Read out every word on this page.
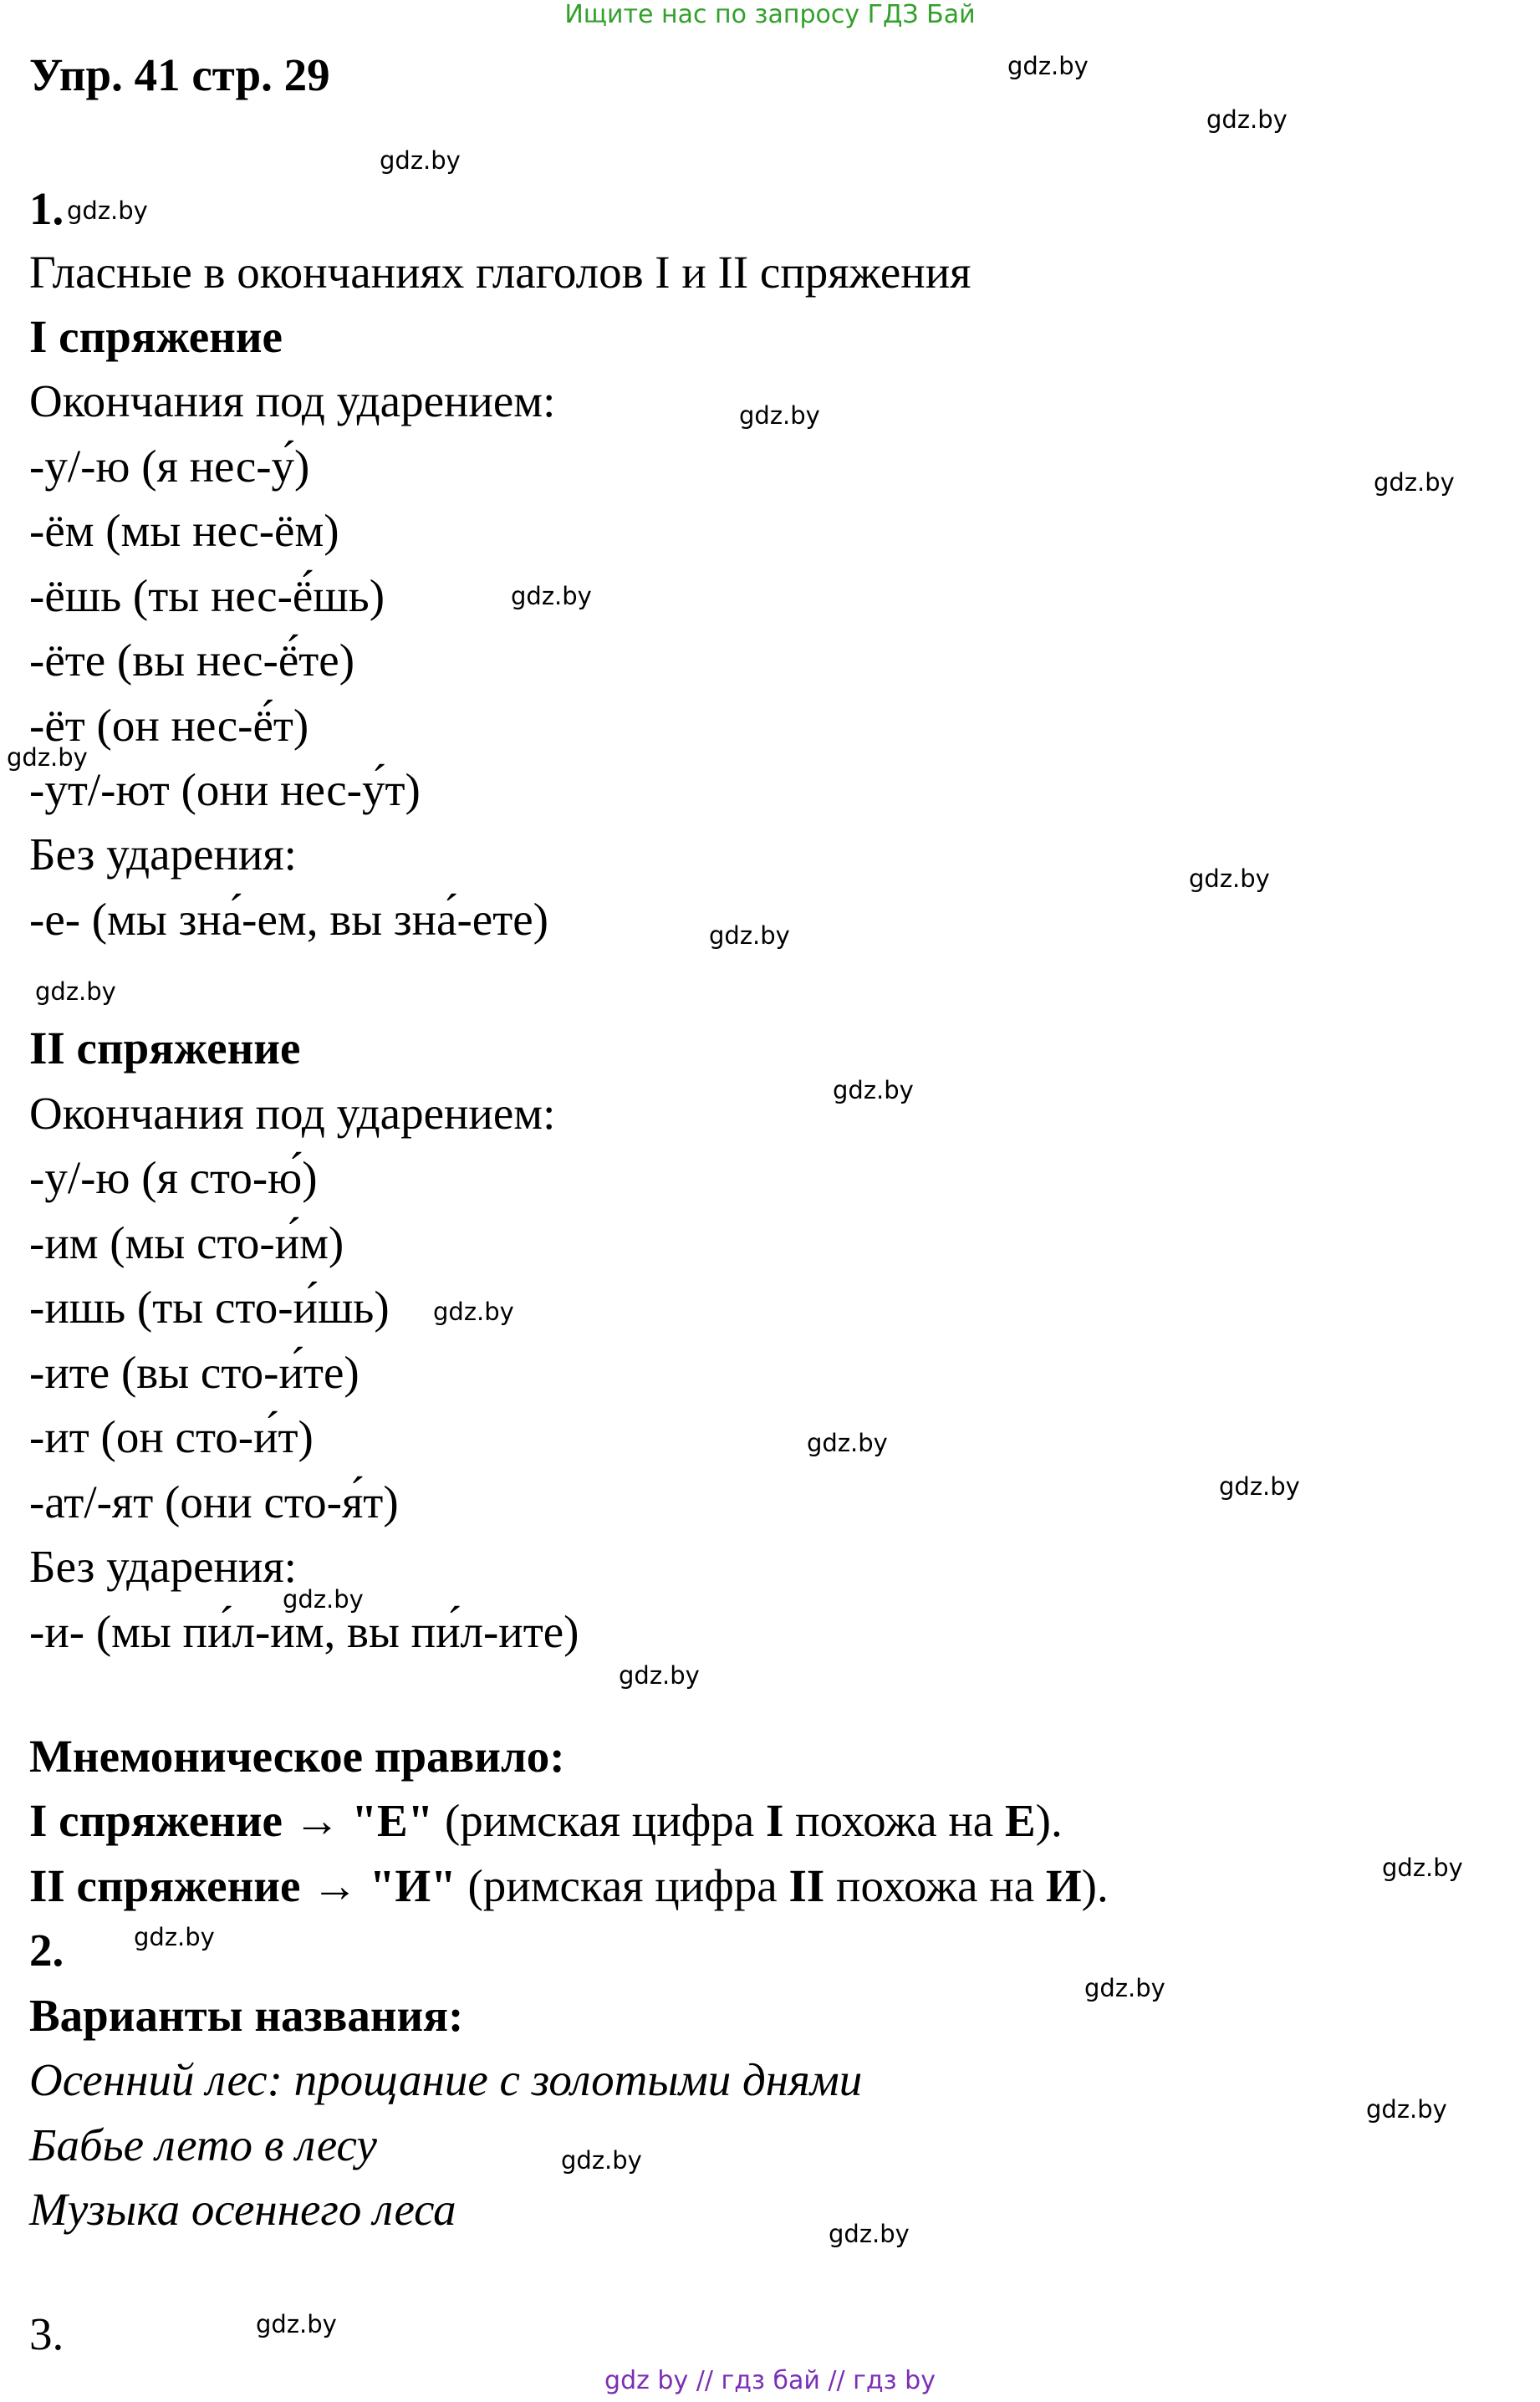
Ищите нас по запросу ГДЗ Бай

Упр. 41 стр. 29

1.

Гласные в окончаниях глаголов I и II спряжения

I спряжение

Окончания под ударением:

-у/-ю (я нес-у́)

-ём (мы нес-ём)

-ёшь (ты нес-ё́шь)

-ёте (вы нес-ё́те)

-ёт (он нес-ё́т)

-ут/-ют (они нес-у́т)

Без ударения:

-е- (мы зна́-ем, вы зна́-ете)

II спряжение

Окончания под ударением:

-у/-ю (я сто-ю́)

-им (мы сто-и́м)

-ишь (ты сто-и́шь)

-ите (вы сто-и́те)

-ит (он сто-и́т)

-ат/-ят (они сто-я́т)

Без ударения:

-и- (мы пи́л-им, вы пи́л-ите)

Мнемоническое правило:

I спряжение → "Е" (римская цифра I похожа на Е).

II спряжение → "И" (римская цифра II похожа на И).

2.

Варианты названия:

Осенний лес: прощание с золотыми днями

Бабье лето в лесу

Музыка осеннего леса

3.

gdz.by
gdz.by
gdz.by
gdz.by
gdz.by
gdz.by
gdz.by
gdz.by
gdz.by
gdz.by
gdz.by
gdz.by
gdz.by
gdz.by
gdz.by
gdz.by
gdz.by
gdz.by
gdz.by
gdz.by
gdz.by
gdz.by
gdz.by
gdz.by
gdz by // гдз бай // гдз by
